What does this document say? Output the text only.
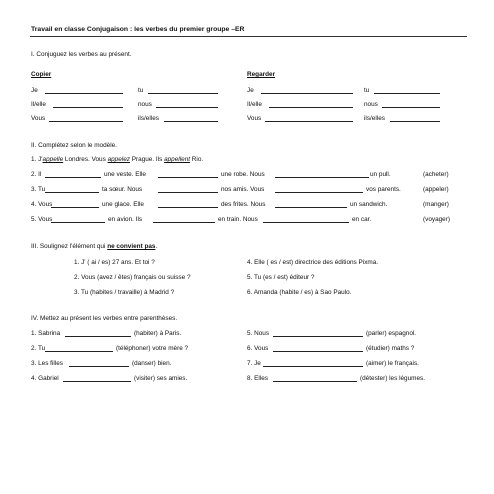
Travail en classe Conjugaison : les verbes du premier groupe –ER
I. Conjuguez les verbes au présent.
Copier	Regarder
Je	tu
Il/elle	nous
Vous	ils/elles
Je	tu
Il/elle	nous
Vous	ils/elles
II. Complétez selon le modèle.
1. J'appelle Londres. Vous appelez Prague. Ils appellent Rio.
2. Il	une veste. Elle	une robe. Nous	un pull.	(acheter)
3. Tu	ta sœur. Nous	nos amis. Vous	vos parents.	(appeler)
4. Vous	une glace. Elle	des frites. Nous	un sandwich.	(manger)
5. Vous	en avion. Ils	en train. Nous	en car.	(voyager)
III. Soulignez l'élément qui ne convient pas.
1. J' ( ai / es) 27 ans. Et toi ?
2. Vous (avez / êtes) français ou suisse ?
3. Tu (habites / travaille) à Madrid ?
4. Elle ( es / est) directrice des éditions Pixma.
5. Tu (es / est) éditeur ?
6. Amanda (habite / es) à Sao Paulo.
IV. Mettez au présent les verbes entre parenthèses.
1. Sabrina	(habiter) à Paris.
2. Tu	(téléphoner) votre mère ?
3. Les filles	(danser) bien.
4. Gabriel	(visiter) ses amies.
5. Nous	(parler) espagnol.
6. Vous	(étudier) maths ?
7. Je	(aimer) le français.
8. Elles	(détester) les légumes.
